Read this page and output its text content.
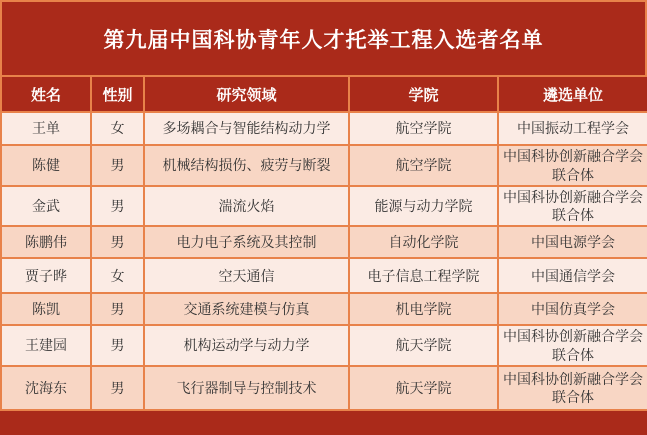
第九届中国科协青年人才托举工程入选者名单
姓名	性别	研究领域	学院	遴选单位
王单	女	多场耦合与智能结构动力学	航空学院	中国振动工程学会
陈健	男	机械结构损伤、疲劳与断裂	航空学院	中国科协创新融合学会联合体
金武	男	湍流火焰	能源与动力学院	中国科协创新融合学会联合体
陈鹏伟	男	电力电子系统及其控制	自动化学院	中国电源学会
贾子晔	女	空天通信	电子信息工程学院	中国通信学会
陈凯	男	交通系统建模与仿真	机电学院	中国仿真学会
王建园	男	机构运动学与动力学	航天学院	中国科协创新融合学会联合体
沈海东	男	飞行器制导与控制技术	航天学院	中国科协创新融合学会联合体
